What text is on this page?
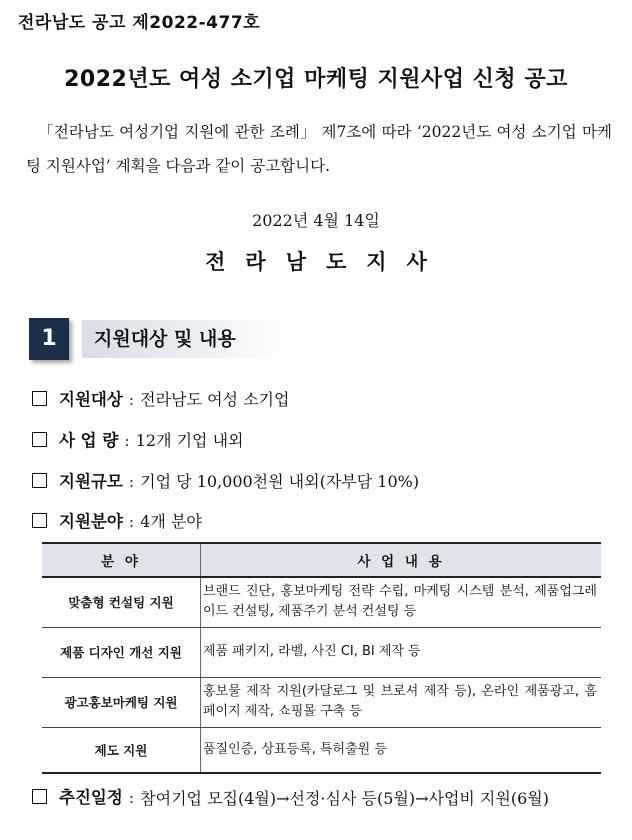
전라남도 공고 제2022-477호
2022년도 여성 소기업 마케팅 지원사업 신청 공고
「전라남도 여성기업 지원에 관한 조례」 제7조에 따라 ‘2022년도 여성 소기업 마케팅 지원사업’ 계획을 다음과 같이 공고합니다.
2022년 4월 14일
전라남도지사
1	지원대상 및 내용
지원대상 : 전라남도 여성 소기업
사 업 량 : 12개 기업 내외
지원규모 : 기업 당 10,000천원 내외(자부담 10%)
지원분야 : 4개 분야
분 야	사 업 내 용
맞춤형 컨설팅 지원	브랜드 진단, 홍보마케팅 전략 수립, 마케팅 시스템 분석, 제품업그레이드 컨설팅, 제품주기 분석 컨설팅 등
제품 디자인 개선 지원	제품 패키지, 라벨, 사진 CI, BI 제작 등
광고홍보마케팅 지원	홍보물 제작 지원(카달로그 및 브로셔 제작 등), 온라인 제품광고, 홈페이지 제작, 쇼핑몰 구축 등
제도 지원	품질인증, 상표등록, 특허출원 등
추진일정 : 참여기업 모집(4월)→선정·심사 등(5월)→사업비 지원(6월)
